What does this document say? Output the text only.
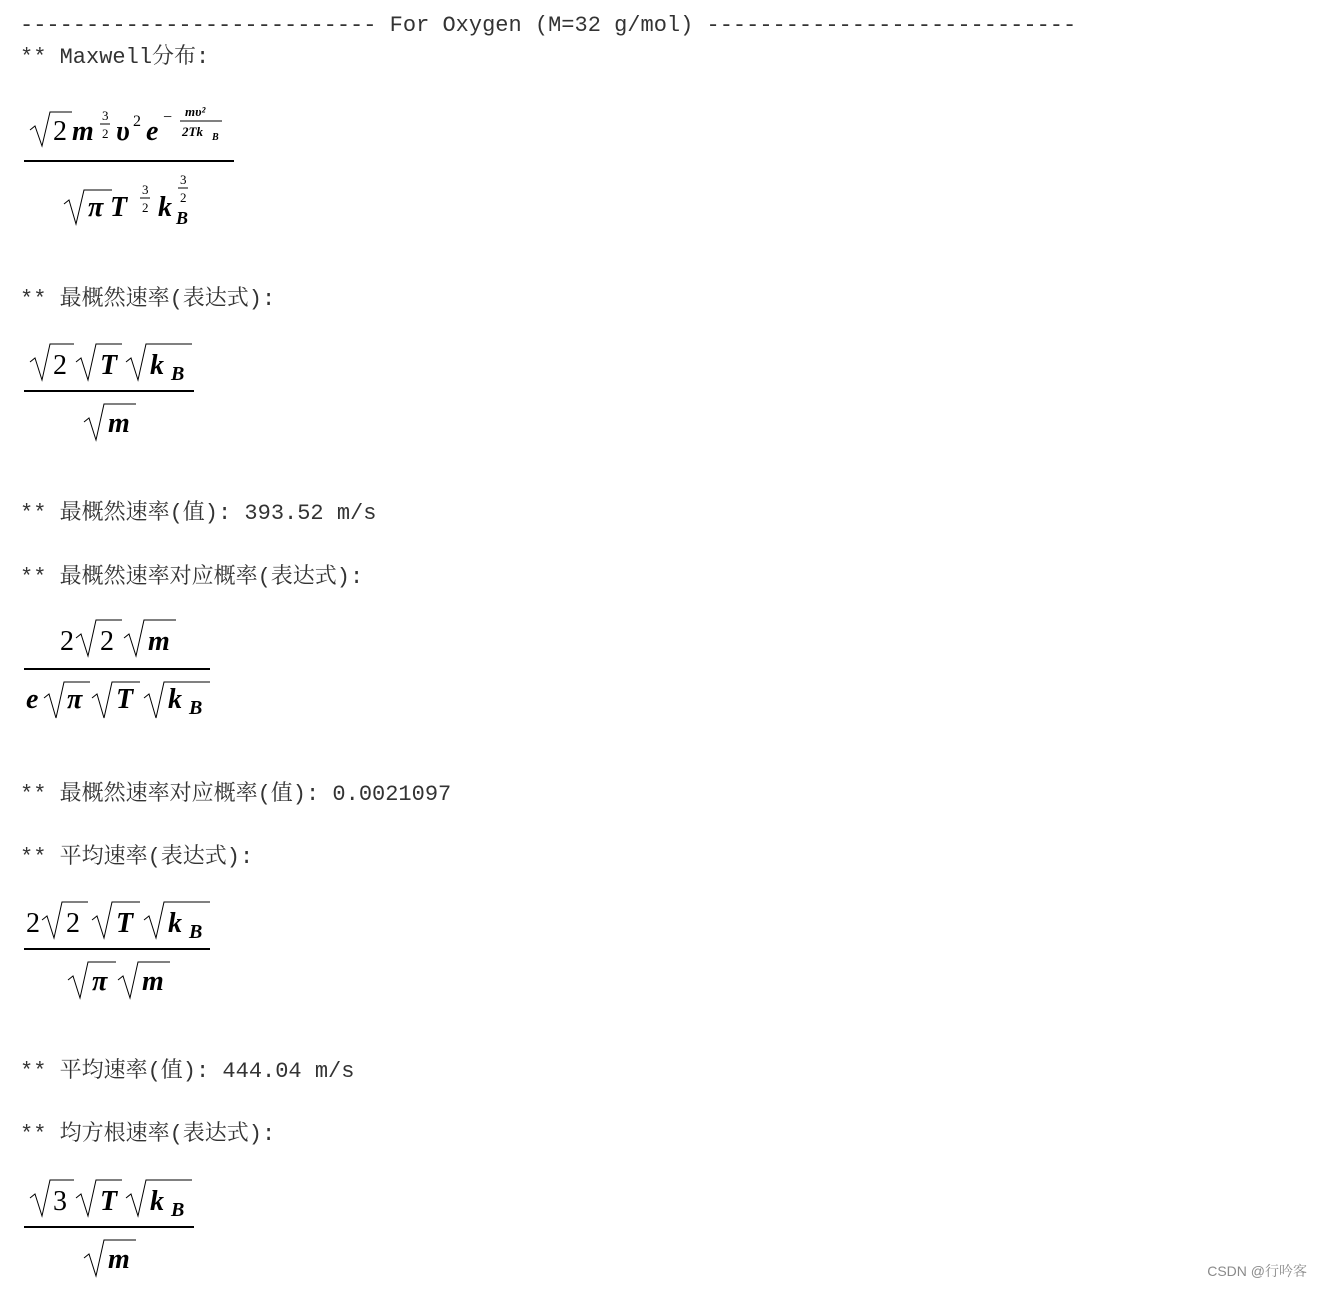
--------------------------- For Oxygen (M=32 g/mol) ----------------------------
** Maxwell分布:
2 m
3
2 υ 2 e − mυ²
2Tk B
π T
3
2 k
3
2
B
** 最概然速率(表达式):
2 T k B
m
** 最概然速率(值): 393.52 m/s
** 最概然速率对应概率(表达式):
2 2 m
e π T k B
** 最概然速率对应概率(值): 0.0021097
** 平均速率(表达式):
2 2 T k B
π m
** 平均速率(值): 444.04 m/s
** 均方根速率(表达式):
3 T k B
m	CSDN @行吟客
